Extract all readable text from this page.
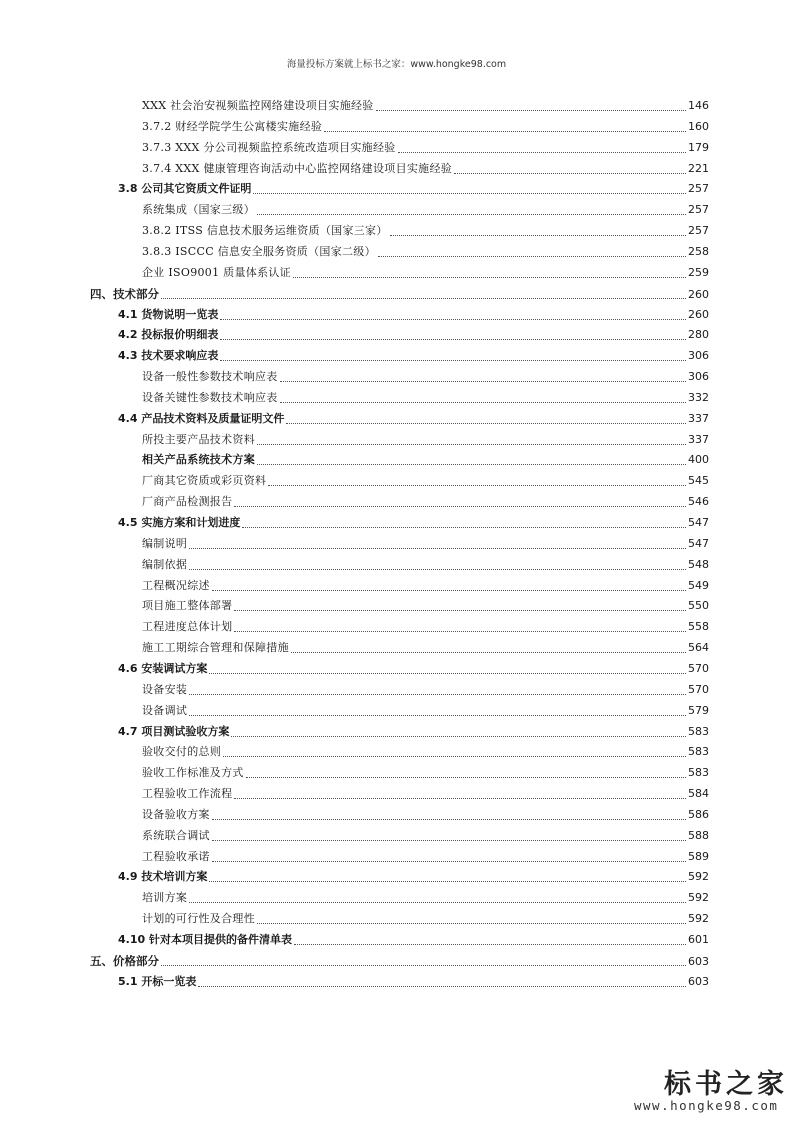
海量投标方案就上标书之家：www.hongke98.com
XXX 社会治安视频监控网络建设项目实施经验	146
3.7.2 财经学院学生公寓楼实施经验	160
3.7.3 XXX 分公司视频监控系统改造项目实施经验	179
3.7.4 XXX 健康管理咨询活动中心监控网络建设项目实施经验	221
3.8 公司其它资质文件证明	257
系统集成（国家三级）	257
3.8.2 ITSS 信息技术服务运维资质（国家三家）	257
3.8.3 ISCCC 信息安全服务资质（国家二级）	258
企业 ISO9001 质量体系认证	259
四、技术部分	260
4.1 货物说明一览表	260
4.2 投标报价明细表	280
4.3 技术要求响应表	306
设备一般性参数技术响应表	306
设备关键性参数技术响应表	332
4.4 产品技术资料及质量证明文件	337
所投主要产品技术资料	337
相关产品系统技术方案	400
厂商其它资质或彩页资料	545
厂商产品检测报告	546
4.5 实施方案和计划进度	547
编制说明	547
编制依据	548
工程概况综述	549
项目施工整体部署	550
工程进度总体计划	558
施工工期综合管理和保障措施	564
4.6 安装调试方案	570
设备安装	570
设备调试	579
4.7 项目测试验收方案	583
验收交付的总则	583
验收工作标准及方式	583
工程验收工作流程	584
设备验收方案	586
系统联合调试	588
工程验收承诺	589
4.9 技术培训方案	592
培训方案	592
计划的可行性及合理性	592
4.10 针对本项目提供的备件清单表	601
五、价格部分	603
5.1 开标一览表	603
标书之家
www.hongke98.com
